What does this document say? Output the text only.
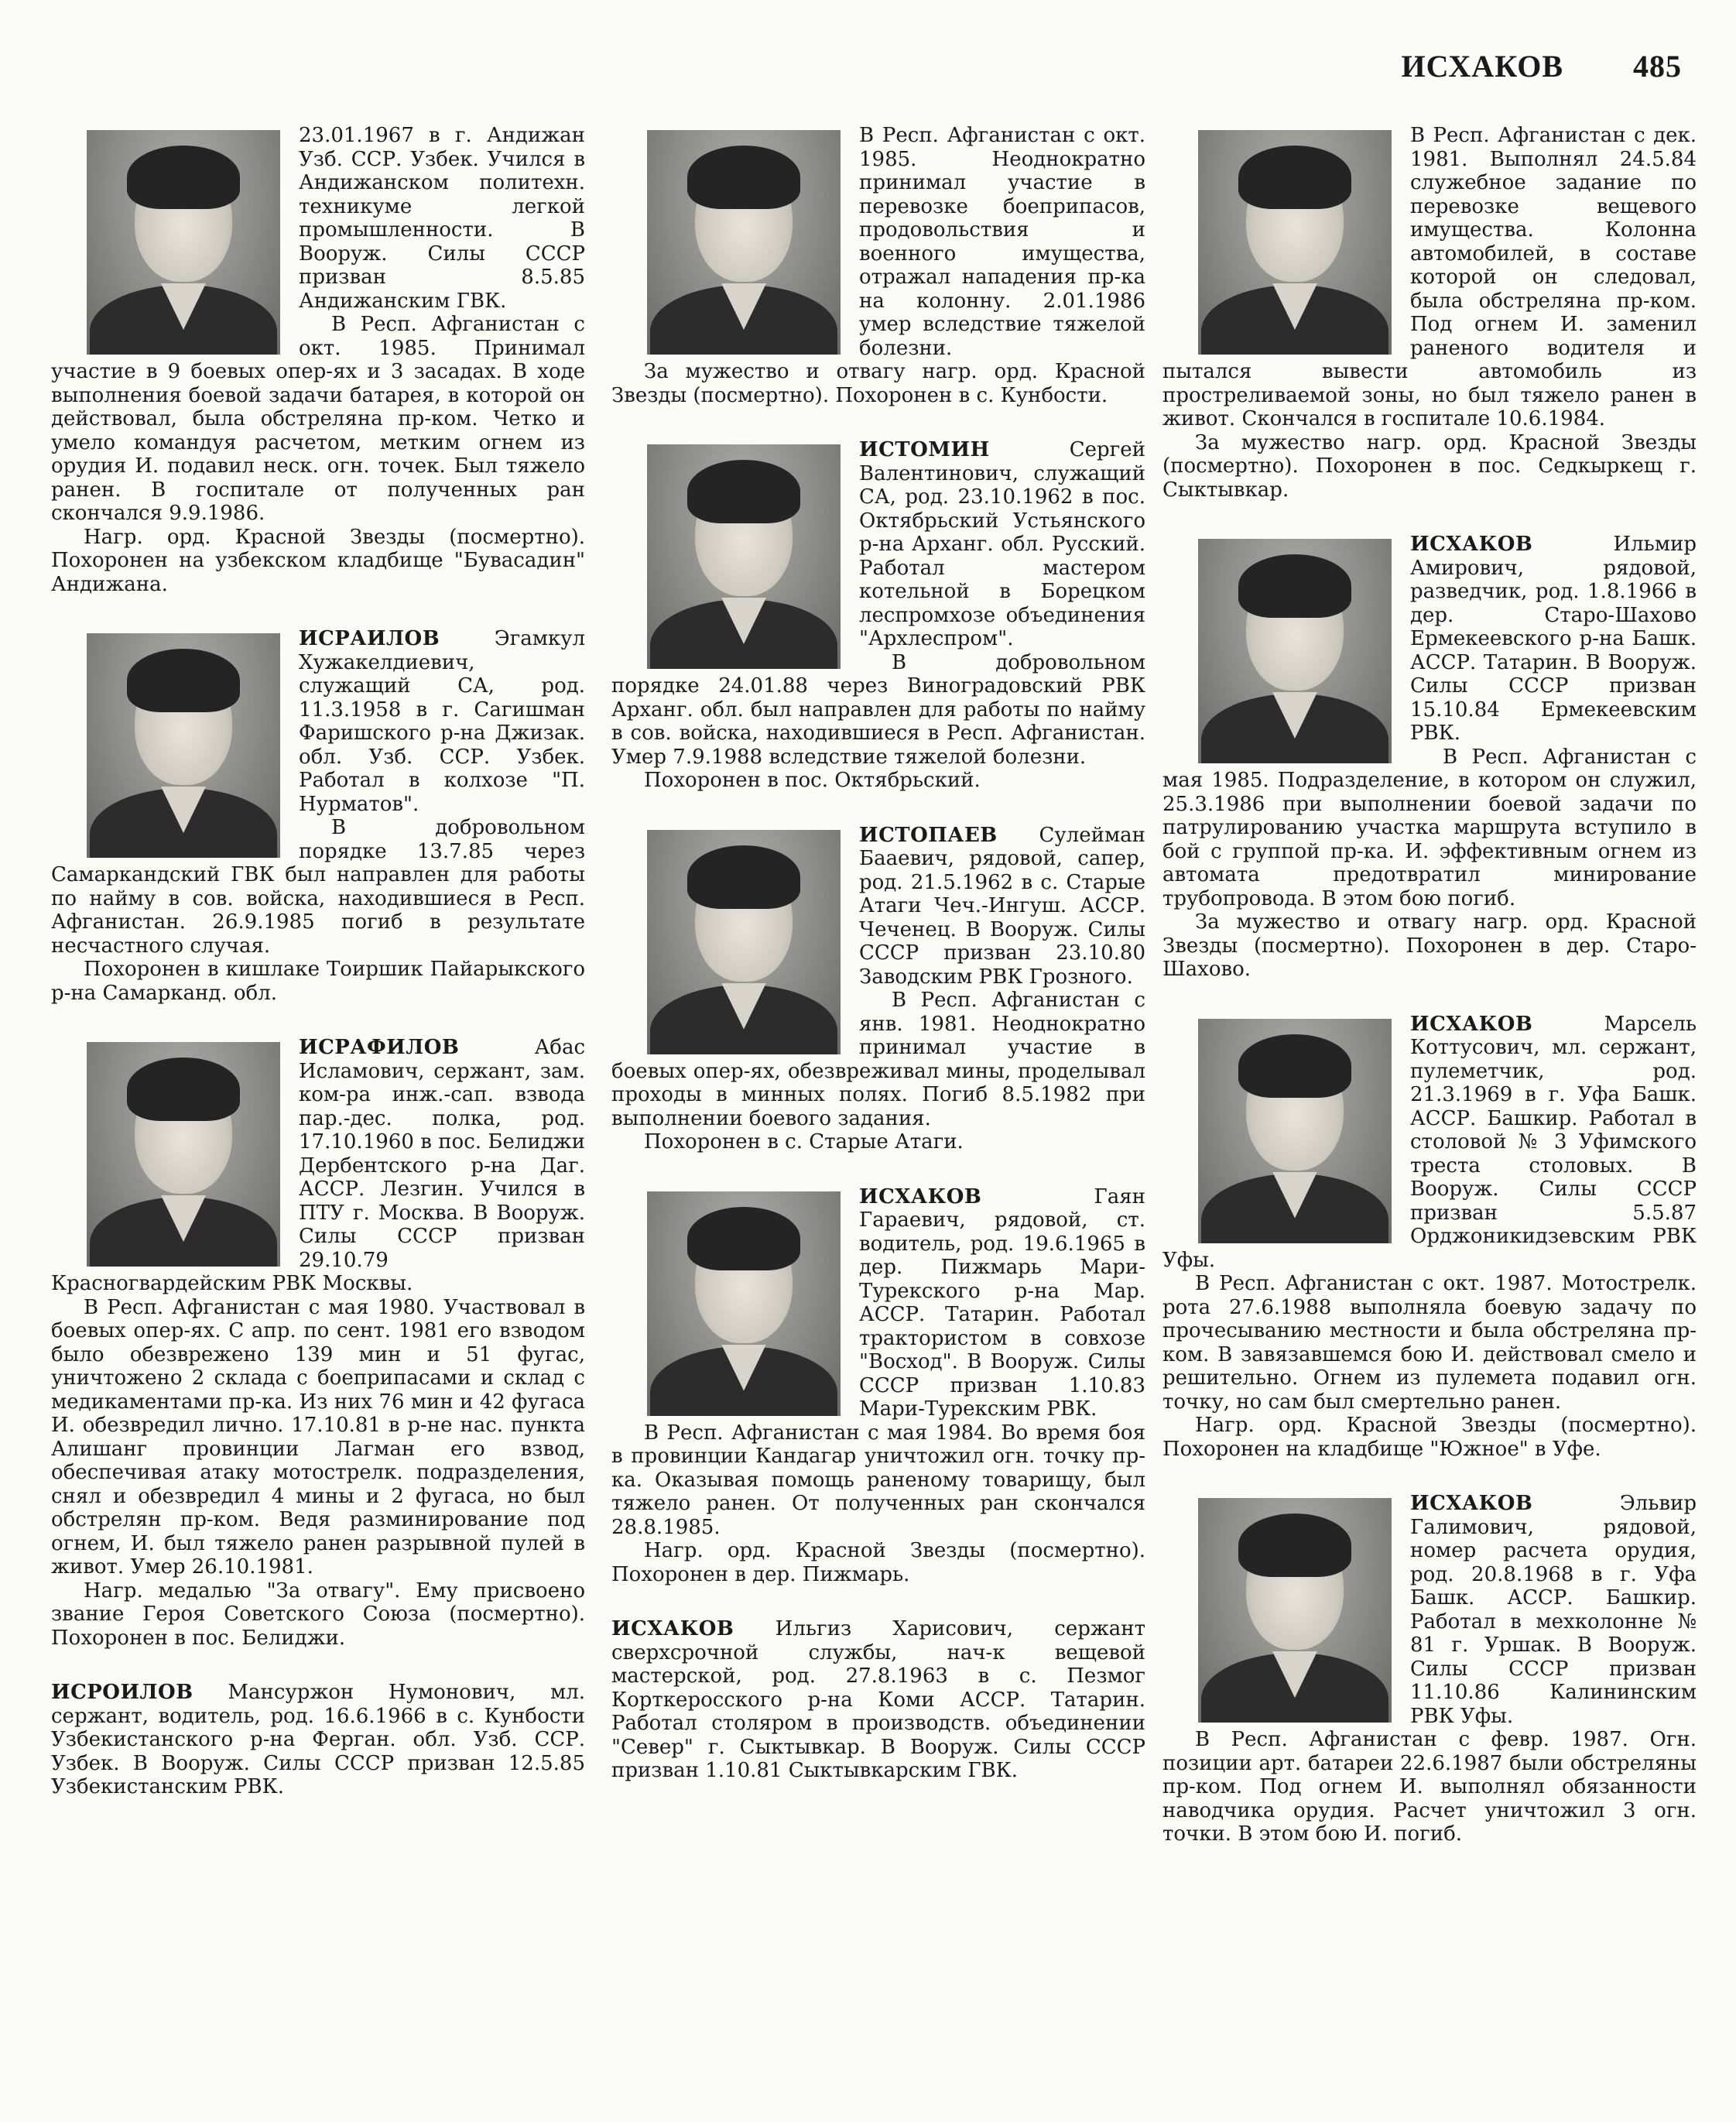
ИСХАКОВ 485

23.01.1967 в г. Андижан Узб. ССР. Узбек. Учился в Андижанском политехн. техникуме легкой промышленности. В Вооруж. Силы СССР призван 8.5.85 Андижанским ГВК.

В Респ. Афганистан с окт. 1985. Принимал участие в 9 боевых опер-ях и 3 засадах. В ходе выполнения боевой задачи батарея, в которой он действовал, была обстреляна пр-ком. Четко и умело командуя расчетом, метким огнем из орудия И. подавил неск. огн. точек. Был тяжело ранен. В госпитале от полученных ран скончался 9.9.1986.

Нагр. орд. Красной Звезды (посмертно). Похоронен на узбекском кладбище "Бувасадин" Андижана.

ИСРАИЛОВ	Эгамкул Хужакелдиевич, служащий СА, род. 11.3.1958 в г. Сагишман Фаришского р-на Джизак. обл. Узб. ССР. Узбек. Работал в колхозе "П. Нурматов".

В добровольном порядке 13.7.85 через Самаркандский ГВК был направлен для работы по найму в сов. войска, находившиеся в Респ. Афганистан. 26.9.1985 погиб в результате несчастного случая.

Похоронен в кишлаке Тоиршик Пайарыкского р-на Самарканд. обл.

ИСРАФИЛОВ	Абас Исламович, сержант, зам. ком-ра инж.-сап. взвода пар.-дес. полка, род. 17.10.1960 в пос. Белиджи Дербентского р-на Даг. АССР. Лезгин. Учился в ПТУ г. Москва. В Вооруж. Силы СССР призван 29.10.79 Красногвардейским РВК Москвы.

В Респ. Афганистан с мая 1980. Участвовал в боевых опер-ях. С апр. по сент. 1981 его взводом было обезврежено 139 мин и 51 фугас, уничтожено 2 склада с боеприпасами и склад с медикаментами пр-ка. Из них 76 мин и 42 фугаса И. обезвредил лично. 17.10.81 в р-не нас. пункта Алишанг провинции Лагман его взвод, обеспечивая атаку мотострелк. подразделения, снял и обезвредил 4 мины и 2 фугаса, но был обстрелян пр-ком. Ведя разминирование под огнем, И. был тяжело ранен разрывной пулей в живот. Умер 26.10.1981.

Нагр. медалью "За отвагу". Ему присвоено звание Героя Советского Союза (посмертно). Похоронен в пос. Белиджи.

ИСРОИЛОВ Мансуржон Нумонович, мл. сержант, водитель, род. 16.6.1966 в с. Кунбости Узбекистанского р-на Ферган. обл. Узб. ССР. Узбек. В Вооруж. Силы СССР призван 12.5.85 Узбекистанским РВК.

В Респ. Афганистан с окт. 1985. Неоднократно принимал участие в перевозке боеприпасов, продовольствия и военного имущества, отражал нападения пр-ка на колонну. 2.01.1986 умер вследствие тяжелой болезни.

За мужество и отвагу нагр. орд. Красной Звезды (посмертно). Похоронен в с. Кунбости.

ИСТОМИН	Сергей Валентинович, служащий СА, род. 23.10.1962 в пос. Октябрьский Устьянского р-на Арханг. обл. Русский. Работал мастером котельной в Борецком леспромхозе объединения "Архлеспром".

В добровольном порядке 24.01.88 через Виноградовский РВК Арханг. обл. был направлен для работы по найму в сов. войска, находившиеся в Респ. Афганистан. Умер 7.9.1988 вследствие тяжелой болезни.

Похоронен в пос. Октябрьский.

ИСТОПАЕВ Сулейман Бааевич, рядовой, сапер, род. 21.5.1962 в с. Старые Атаги Чеч.-Ингуш. АССР. Чеченец. В Вооруж. Силы СССР призван 23.10.80 Заводским РВК Грозного.

В Респ. Афганистан с янв. 1981. Неоднократно принимал участие в боевых опер-ях, обезвреживал мины, проделывал проходы в минных полях. Погиб 8.5.1982 при выполнении боевого задания.

Похоронен в с. Старые Атаги.

ИСХАКОВ	Гаян Гараевич, рядовой, ст. водитель, род. 19.6.1965 в дер. Пижмарь Мари-Турекского р-на Мар. АССР. Татарин. Работал трактористом в совхозе "Восход". В Вооруж. Силы СССР призван 1.10.83 Мари-Турекским РВК.

В Респ. Афганистан с мая 1984. Во время боя в провинции Кандагар уничтожил огн. точку пр-ка. Оказывая помощь раненому товарищу, был тяжело ранен. От полученных ран скончался 28.8.1985.

Нагр. орд. Красной Звезды (посмертно). Похоронен в дер. Пижмарь.

ИСХАКОВ Ильгиз Харисович, сержант сверхсрочной службы, нач-к вещевой мастерской, род. 27.8.1963 в с. Пезмог Корткеросского р-на Коми АССР. Татарин. Работал столяром в производств. объединении "Север" г. Сыктывкар. В Вооруж. Силы СССР призван 1.10.81 Сыктывкарским ГВК.

В Респ. Афганистан с дек. 1981. Выполнял 24.5.84 служебное задание по перевозке вещевого имущества. Колонна автомобилей, в составе которой он следовал, была обстреляна пр-ком. Под огнем И. заменил раненого водителя и пытался вывести автомобиль из простреливаемой зоны, но был тяжело ранен в живот. Скончался в госпитале 10.6.1984.

За мужество нагр. орд. Красной Звезды (посмертно). Похоронен в пос. Седкыркещ г. Сыктывкар.

ИСХАКОВ	Ильмир Амирович, рядовой, разведчик, род. 1.8.1966 в дер. Старо-Шахово Ермекеевского р-на Башк. АССР. Татарин. В Вооруж. Силы СССР призван 15.10.84 Ермекеевским РВК.

В Респ. Афганистан с мая 1985. Подразделение, в котором он служил, 25.3.1986 при выполнении боевой задачи по патрулированию участка маршрута вступило в бой с группой пр-ка. И. эффективным огнем из автомата предотвратил минирование трубопровода. В этом бою погиб.

За мужество и отвагу нагр. орд. Красной Звезды (посмертно). Похоронен в дер. Старо-Шахово.

ИСХАКОВ	Марсель Коттусович, мл. сержант, пулеметчик, род. 21.3.1969 в г. Уфа Башк. АССР. Башкир. Работал в столовой № 3 Уфимского треста столовых. В Вооруж. Силы СССР призван 5.5.87 Орджоникидзевским РВК Уфы.

В Респ. Афганистан с окт. 1987. Мотострелк. рота 27.6.1988 выполняла боевую задачу по прочесыванию местности и была обстреляна пр-ком. В завязавшемся бою И. действовал смело и решительно. Огнем из пулемета подавил огн. точку, но сам был смертельно ранен.

Нагр. орд. Красной Звезды (посмертно). Похоронен на кладбище "Южное" в Уфе.

ИСХАКОВ	Эльвир Галимович, рядовой, номер расчета орудия, род. 20.8.1968 в г. Уфа Башк. АССР. Башкир. Работал в мехколонне № 81 г. Уршак. В Вооруж. Силы СССР призван 11.10.86 Калининским РВК Уфы.

В Респ. Афганистан с февр. 1987. Огн. позиции арт. батареи 22.6.1987 были обстреляны пр-ком. Под огнем И. выполнял обязанности наводчика орудия. Расчет уничтожил 3 огн. точки. В этом бою И. погиб.
